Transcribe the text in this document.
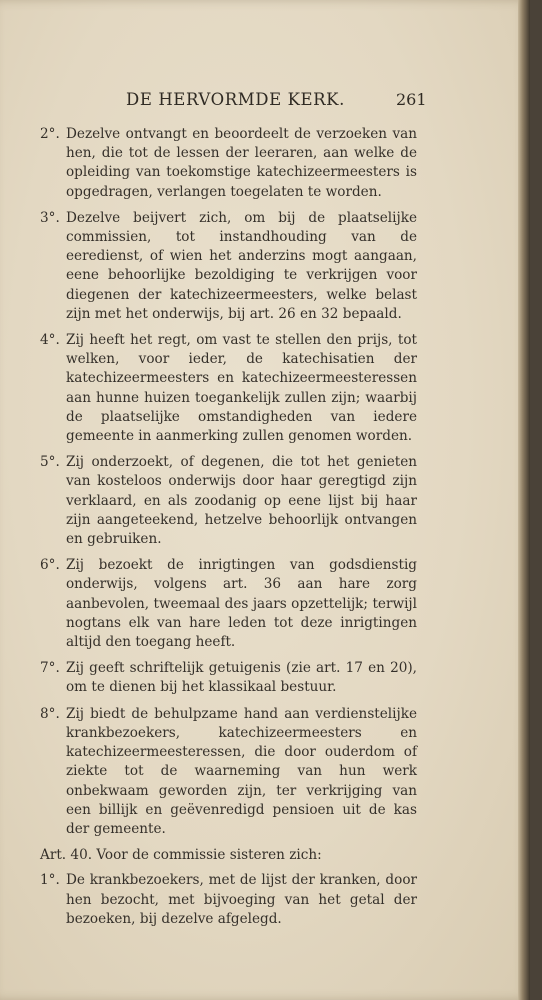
DE HERVORMDE KERK.	261
2°. Dezelve ontvangt en beoordeelt de verzoeken van hen, die tot de lessen der leeraren, aan welke de opleiding van toekomstige katechizeermeesters is opgedragen, verlangen toegelaten te worden.
3°. Dezelve beijvert zich, om bij de plaatselijke commissien, tot instandhouding van de eeredienst, of wien het anderzins mogt aangaan, eene behoorlijke bezoldiging te verkrijgen voor diegenen der katechizeermeesters, welke belast zijn met het onderwijs, bij art. 26 en 32 bepaald.
4°. Zij heeft het regt, om vast te stellen den prijs, tot welken, voor ieder, de katechisatien der katechizeermeesters en katechizeermeesteressen aan hunne huizen toegankelijk zullen zijn; waarbij de plaatselijke omstandigheden van iedere gemeente in aanmerking zullen genomen worden.
5°. Zij onderzoekt, of degenen, die tot het genieten van kosteloos onderwijs door haar geregtigd zijn verklaard, en als zoodanig op eene lijst bij haar zijn aangeteekend, hetzelve behoorlijk ontvangen en gebruiken.
6°. Zij bezoekt de inrigtingen van godsdienstig onderwijs, volgens art. 36 aan hare zorg aanbevolen, tweemaal des jaars opzettelijk; terwijl nogtans elk van hare leden tot deze inrigtingen altijd den toegang heeft.
7°. Zij geeft schriftelijk getuigenis (zie art. 17 en 20), om te dienen bij het klassikaal bestuur.
8°. Zij biedt de behulpzame hand aan verdienstelijke krankbezoekers, katechizeermeesters en katechizeermeesteressen, die door ouderdom of ziekte tot de waarneming van hun werk onbekwaam geworden zijn, ter verkrijging van een billijk en geëvenredigd pensioen uit de kas der gemeente.
Art. 40. Voor de commissie sisteren zich:
1°. De krankbezoekers, met de lijst der kranken, door hen bezocht, met bijvoeging van het getal der bezoeken, bij dezelve afgelegd.
